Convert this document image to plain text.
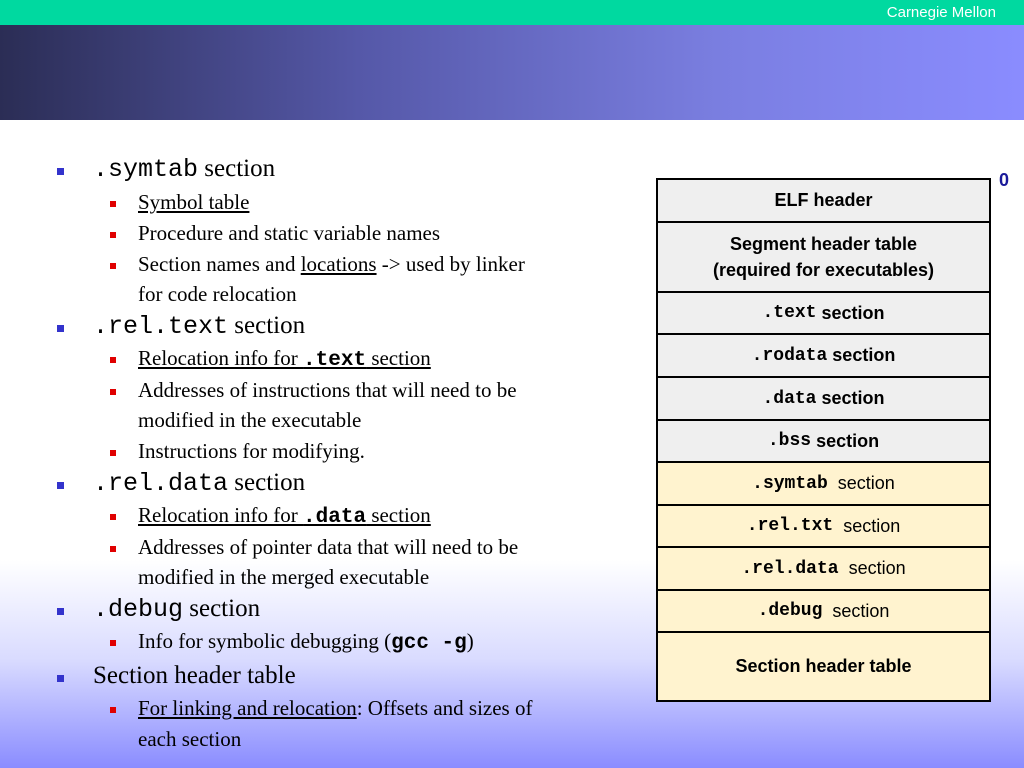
Carnegie Mellon
.symtab section
Symbol table
Procedure and static variable names
Section names and locations -> used by linker
for code relocation
.rel.text section
Relocation info for .text section
Addresses of instructions that will need to be
modified in the executable
Instructions for modifying.
.rel.data section
Relocation info for .data section
Addresses of pointer data that will need to be
modified in the merged executable
.debug section
Info for symbolic debugging (gcc -g)
Section header table
For linking and relocation: Offsets and sizes of
each section
0
ELF header
Segment header table
(required for executables)
.text section
.rodata section
.data section
.bss section
.symtab section
.rel.txt section
.rel.data section
.debug section
Section header table
